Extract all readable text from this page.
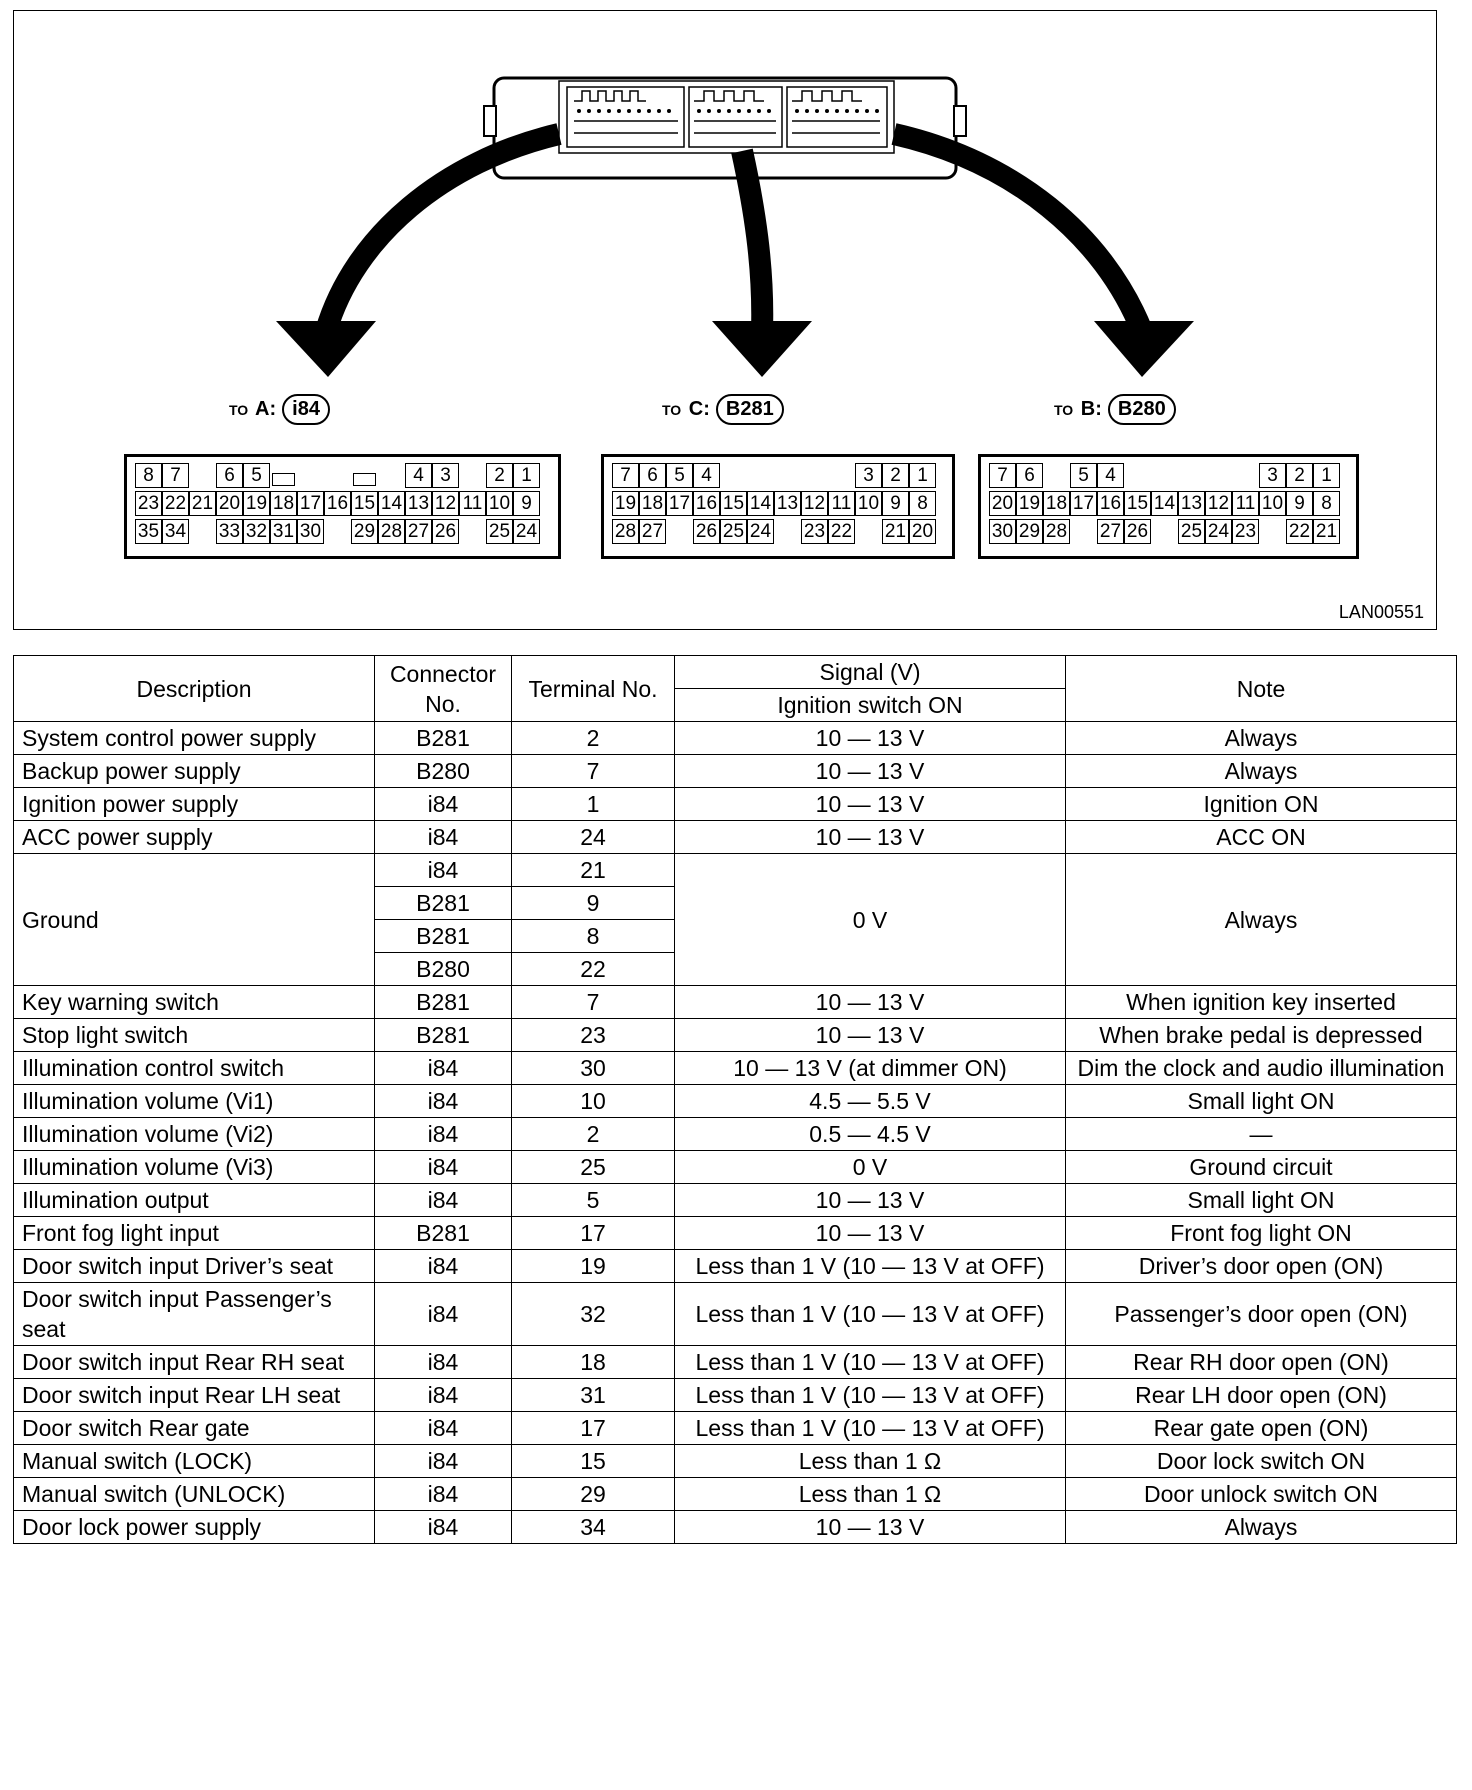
TO A: i84	TO C: B281	TO B: B280
8 7	6 5	4 3	2 1
23 22 21 20 19 18 17 16 15 14 13 12 11 10 9
35 34 33 32 31 30 29 28 27 26 25 24
7 6 5 4	3 2 1
19 18 17 16 15 14 13 12 11 10 9 8
28 27 26 25 24 23 22 21 20
7 6	5 4	3 2 1
20 19 18 17 16 15 14 13 12 11 10 9 8
30 29 28 27 26 25 24 23 22 21
LAN00551
Description	Connector No.	Terminal No.	Signal (V)	Note
			Ignition switch ON	
System control power supply	B281	2	10 — 13 V	Always
Backup power supply	B280	7	10 — 13 V	Always
Ignition power supply	i84	1	10 — 13 V	Ignition ON
ACC power supply	i84	24	10 — 13 V	ACC ON
Ground	i84	21	0 V	Always
	B281	9		
	B281	8		
	B280	22		
Key warning switch	B281	7	10 — 13 V	When ignition key inserted
Stop light switch	B281	23	10 — 13 V	When brake pedal is depressed
Illumination control switch	i84	30	10 — 13 V (at dimmer ON)	Dim the clock and audio illumination
Illumination volume (Vi1)	i84	10	4.5 — 5.5 V	Small light ON
Illumination volume (Vi2)	i84	2	0.5 — 4.5 V	—
Illumination volume (Vi3)	i84	25	0 V	Ground circuit
Illumination output	i84	5	10 — 13 V	Small light ON
Front fog light input	B281	17	10 — 13 V	Front fog light ON
Door switch input Driver’s seat	i84	19	Less than 1 V (10 — 13 V at OFF)	Driver’s door open (ON)
Door switch input Passenger’s seat	i84	32	Less than 1 V (10 — 13 V at OFF)	Passenger’s door open (ON)
Door switch input Rear RH seat	i84	18	Less than 1 V (10 — 13 V at OFF)	Rear RH door open (ON)
Door switch input Rear LH seat	i84	31	Less than 1 V (10 — 13 V at OFF)	Rear LH door open (ON)
Door switch Rear gate	i84	17	Less than 1 V (10 — 13 V at OFF)	Rear gate open (ON)
Manual switch (LOCK)	i84	15	Less than 1 Ω	Door lock switch ON
Manual switch (UNLOCK)	i84	29	Less than 1 Ω	Door unlock switch ON
Door lock power supply	i84	34	10 — 13 V	Always
